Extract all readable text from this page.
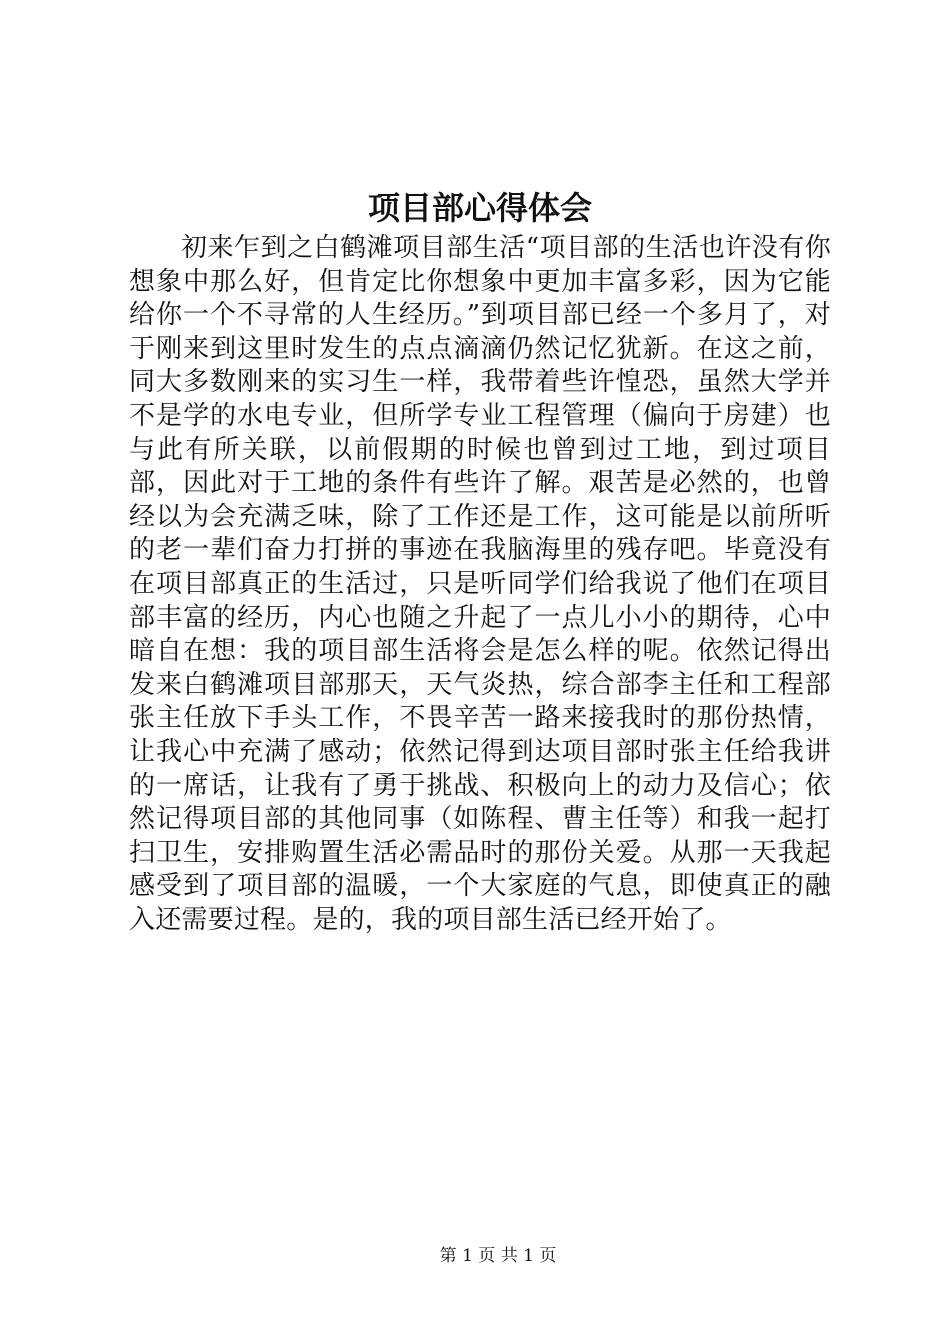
项目部心得体会

初来乍到之白鹤滩项目部生活“项目部的生活也许没有你想象中那么好，但肯定比你想象中更加丰富多彩，因为它能给你一个不寻常的人生经历。”到项目部已经一个多月了，对于刚来到这里时发生的点点滴滴仍然记忆犹新。在这之前，同大多数刚来的实习生一样，我带着些许惶恐，虽然大学并不是学的水电专业，但所学专业工程管理（偏向于房建）也与此有所关联，以前假期的时候也曾到过工地，到过项目部，因此对于工地的条件有些许了解。艰苦是必然的，也曾经以为会充满乏味，除了工作还是工作，这可能是以前所听的老一辈们奋力打拼的事迹在我脑海里的残存吧。毕竟没有在项目部真正的生活过，只是听同学们给我说了他们在项目部丰富的经历，内心也随之升起了一点儿小小的期待，心中暗自在想：我的项目部生活将会是怎么样的呢。依然记得出发来白鹤滩项目部那天，天气炎热，综合部李主任和工程部张主任放下手头工作，不畏辛苦一路来接我时的那份热情，让我心中充满了感动；依然记得到达项目部时张主任给我讲的一席话，让我有了勇于挑战、积极向上的动力及信心；依然记得项目部的其他同事（如陈程、曹主任等）和我一起打扫卫生，安排购置生活必需品时的那份关爱。从那一天我起感受到了项目部的温暖，一个大家庭的气息，即使真正的融入还需要过程。是的，我的项目部生活已经开始了。

第 1 页 共 1 页
